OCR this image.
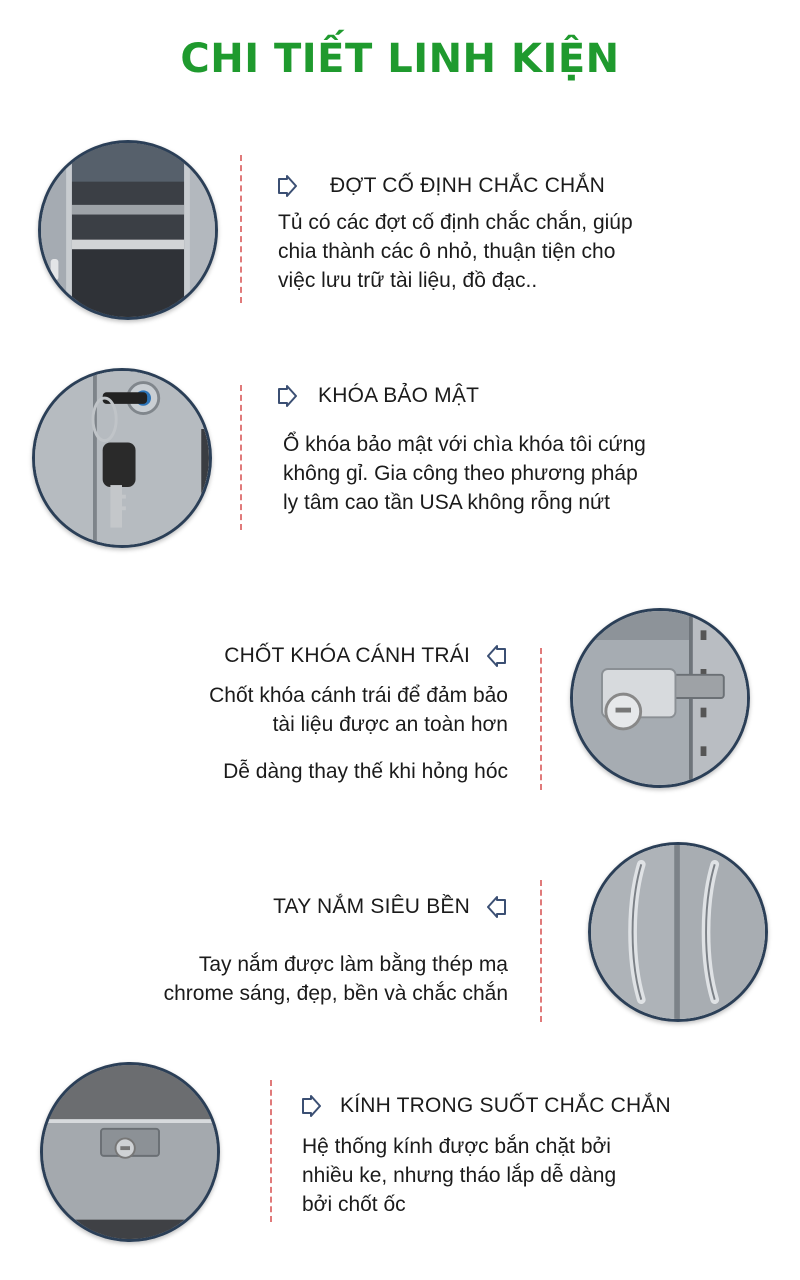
CHI TIẾT LINH KIỆN
ĐỢT CỐ ĐỊNH CHẮC CHẮN

Tủ có các đợt cố định chắc chắn, giúp

chia thành các ô nhỏ, thuận tiện cho

việc lưu trữ tài liệu, đồ đạc..

KHÓA BẢO MẬT

Ổ khóa bảo mật với chìa khóa tôi cứng

không gỉ. Gia công theo phương pháp

ly tâm cao tần USA không rỗng nứt

CHỐT KHÓA CÁNH TRÁI

Chốt khóa cánh trái để đảm bảo

tài liệu được an toàn hơn

Dễ dàng thay thế khi hỏng hóc

TAY NẮM SIÊU BỀN

Tay nắm được làm bằng thép mạ

chrome sáng, đẹp, bền và chắc chắn

KÍNH TRONG SUỐT CHẮC CHẮN

Hệ thống kính được bắn chặt bởi

nhiều ke, nhưng tháo lắp dễ dàng

bởi chốt ốc
